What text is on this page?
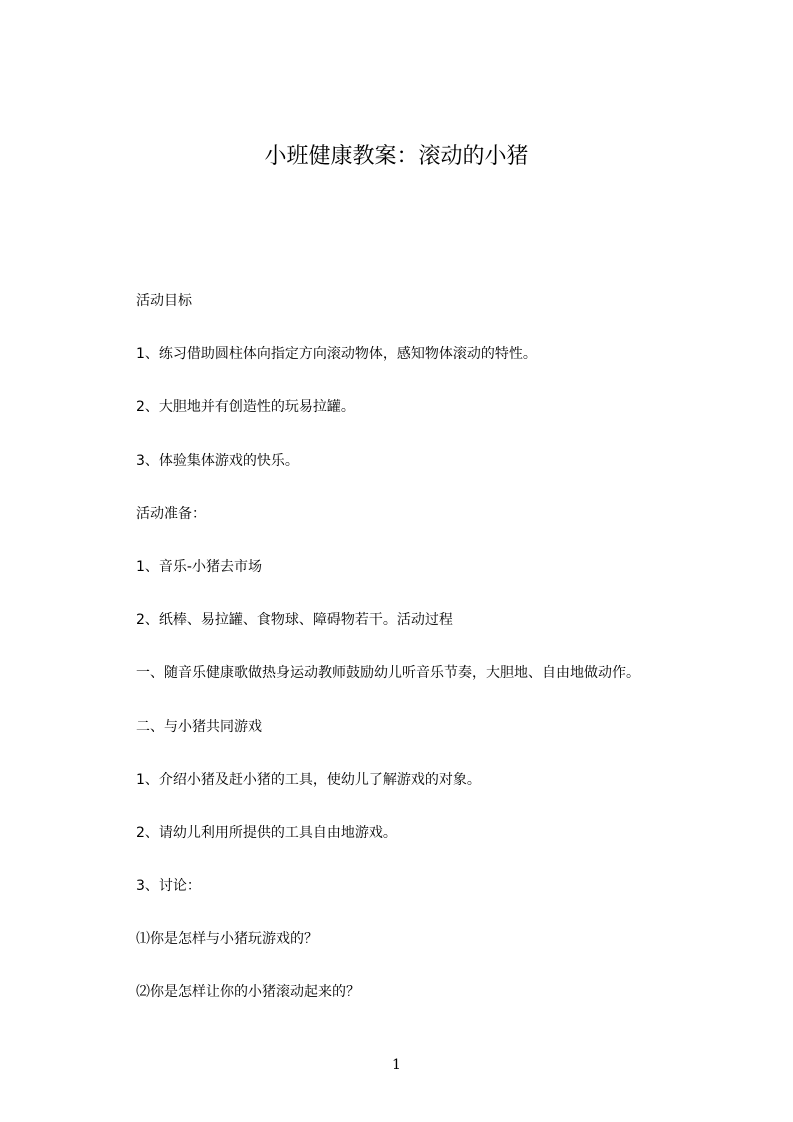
小班健康教案：滚动的小猪
活动目标
1、练习借助圆柱体向指定方向滚动物体，感知物体滚动的特性。
2、大胆地并有创造性的玩易拉罐。
3、体验集体游戏的快乐。
活动准备：
1、音乐-小猪去市场
2、纸棒、易拉罐、食物球、障碍物若干。活动过程
一、随音乐健康歌做热身运动教师鼓励幼儿听音乐节奏，大胆地、自由地做动作。
二、与小猪共同游戏
1、介绍小猪及赶小猪的工具，使幼儿了解游戏的对象。
2、请幼儿利用所提供的工具自由地游戏。
3、讨论：
⑴你是怎样与小猪玩游戏的？
⑵你是怎样让你的小猪滚动起来的？
1
